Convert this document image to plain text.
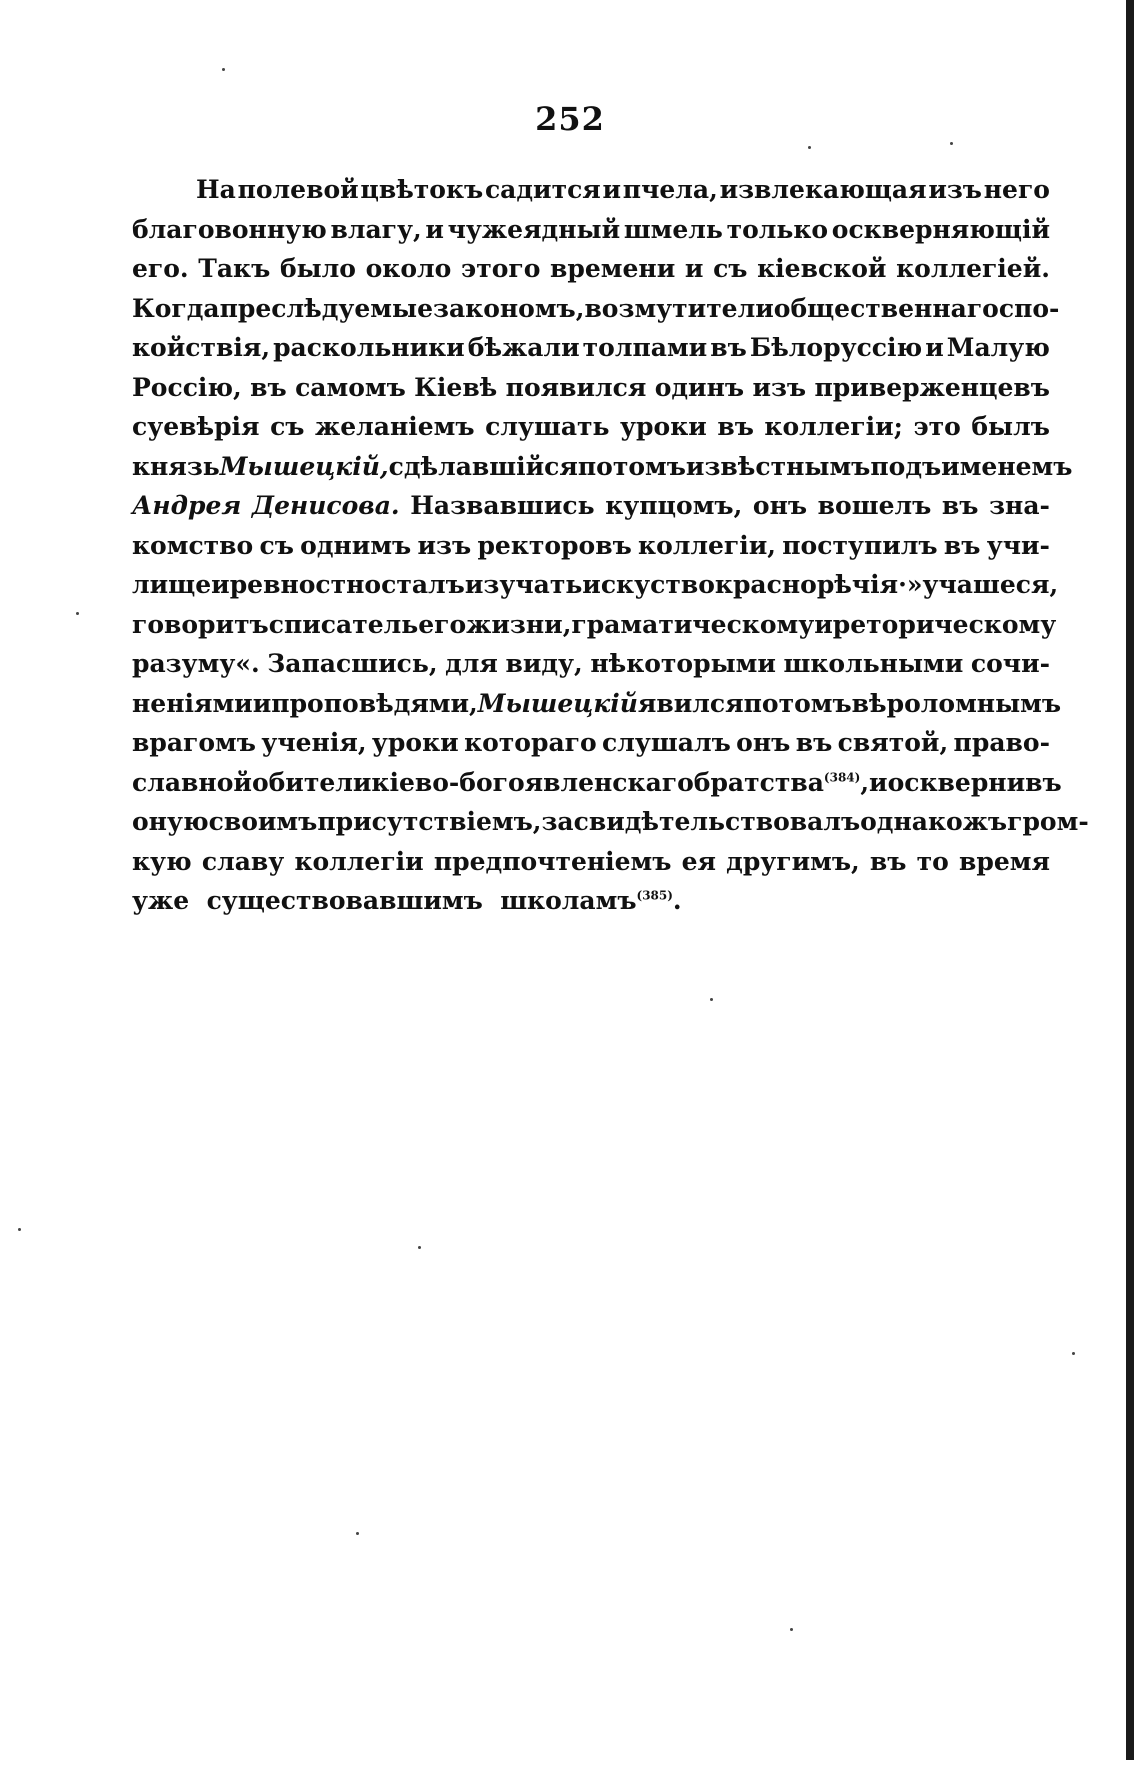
252
На полевой цвѣтокъ садится и пчела, извлекающая изъ него
благовонную влагу, и чужеядный шмель только оскверняющій
его. Такъ было около этого времени и съ кіевской коллегіей.
Когда преслѣдуемые закономъ, возмутители общественнаго спо-
койствія, раскольники бѣжали толпами въ Бѣлоруссію и Малую
Россію, въ самомъ Кіевѣ появился одинъ изъ приверженцевъ
суевѣрія съ желаніемъ слушать уроки въ коллегіи; это былъ
князь Мышецкій, сдѣлавшійся потомъ извѣстнымъ подъ именемъ
Андрея Денисова. Назвавшись купцомъ, онъ вошелъ въ зна-
комство съ однимъ изъ ректоровъ коллегіи, поступилъ въ учи-
лище и ревностно сталъ изучать искуство краснорѣчія· »учашеся,
говоритъ списатель его жизни, граматическому и реторическому
разуму«. Запасшись, для виду, нѣкоторыми школьными сочи-
неніями и проповѣдями, Мышецкій явился потомъ вѣроломнымъ
врагомъ ученія, уроки котораго слушалъ онъ въ святой, право-
славной обители кіево-богоявленскаго братства$^{(384)}$, и осквернивъ
оную своимъ присутствіемъ, засвидѣтельствовалъ однакожъ гром-
кую славу коллегіи предпочтеніемъ ея другимъ, въ то время
уже
существовавшимъ
школамъ$^{(385)}$.
